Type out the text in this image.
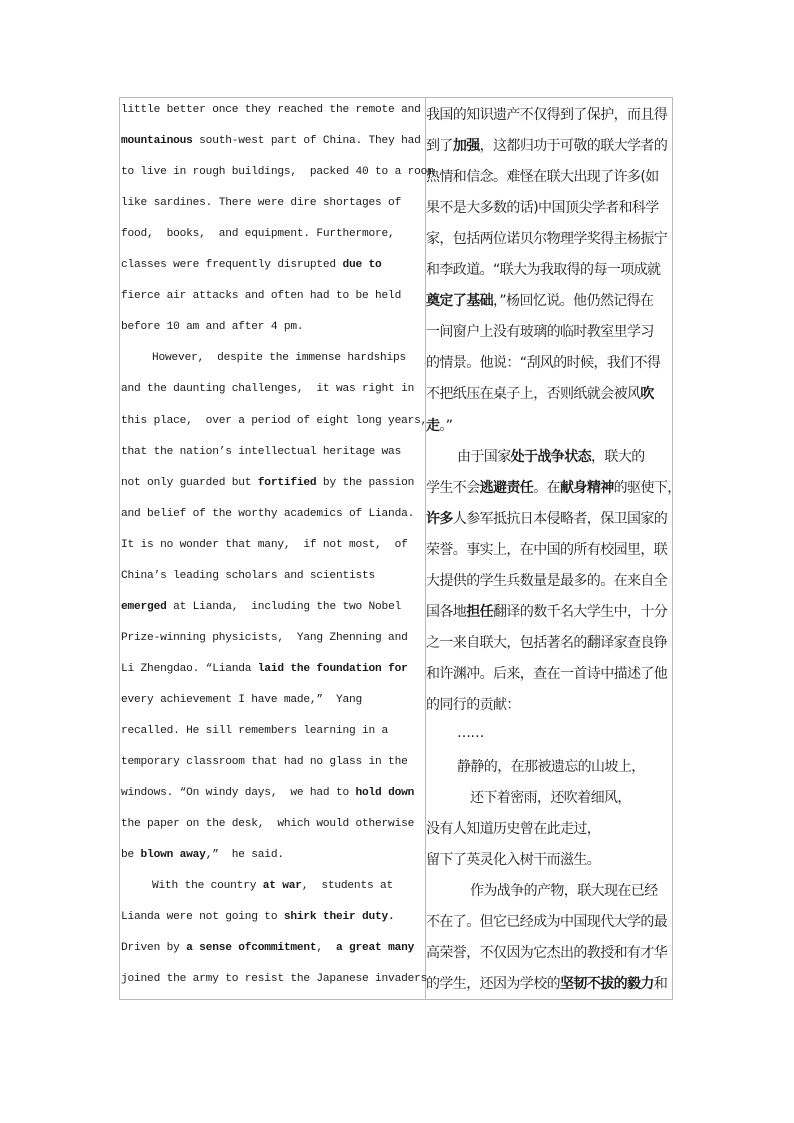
little better once they reached the remote and
mountainous south-west part of China. They had
to live in rough buildings,  packed 40 to a room
like sardines. There were dire shortages of
food,  books,  and equipment. Furthermore,
classes were frequently disrupted due to
fierce air attacks and often had to be held
before 10 am and after 4 pm.
However,  despite the immense hardships
and the daunting challenges,  it was right in
this place,  over a period of eight long years,
that the nation’s intellectual heritage was
not only guarded but fortified by the passion
and belief of the worthy academics of Lianda.
It is no wonder that many,  if not most,  of
China’s leading scholars and scientists
emerged at Lianda,  including the two Nobel
Prize-winning physicists,  Yang Zhenning and
Li Zhengdao. “Lianda laid the foundation for
every achievement I have made,”  Yang
recalled. He sill remembers learning in a
temporary classroom that had no glass in the
windows. “On windy days,  we had to hold down
the paper on the desk,  which would otherwise
be blown away,”  he said.
With the country at war,  students at
Lianda were not going to shirk their duty.
Driven by a sense ofcommitment,  a great many
joined the army to resist the Japanese invaders
我国的知识遗产不仅得到了保护，而且得
到了加强，这都归功于可敬的联大学者的
热情和信念。难怪在联大出现了许多(如
果不是大多数的话)中国顶尖学者和科学
家，包括两位诺贝尔物理学奖得主杨振宁
和李政道。“联大为我取得的每一项成就
奠定了基础，”杨回忆说。他仍然记得在
一间窗户上没有玻璃的临时教室里学习
的情景。他说：“刮风的时候，我们不得
不把纸压在桌子上，否则纸就会被风吹
走。”
由于国家处于战争状态，联大的
学生不会逃避责任。在献身精神的驱使下，
许多人参军抵抗日本侵略者，保卫国家的
荣誉。事实上，在中国的所有校园里，联
大提供的学生兵数量是最多的。在来自全
国各地担任翻译的数千名大学生中，十分
之一来自联大，包括著名的翻译家查良铮
和许渊冲。后来，查在一首诗中描述了他
的同行的贡献：
……
静静的，在那被遗忘的山坡上，
还下着密雨，还吹着细风，
没有人知道历史曾在此走过，
留下了英灵化入树干而滋生。
作为战争的产物，联大现在已经
不在了。但它已经成为中国现代大学的最
高荣誉，不仅因为它杰出的教授和有才华
的学生，还因为学校的坚韧不拔的毅力和
